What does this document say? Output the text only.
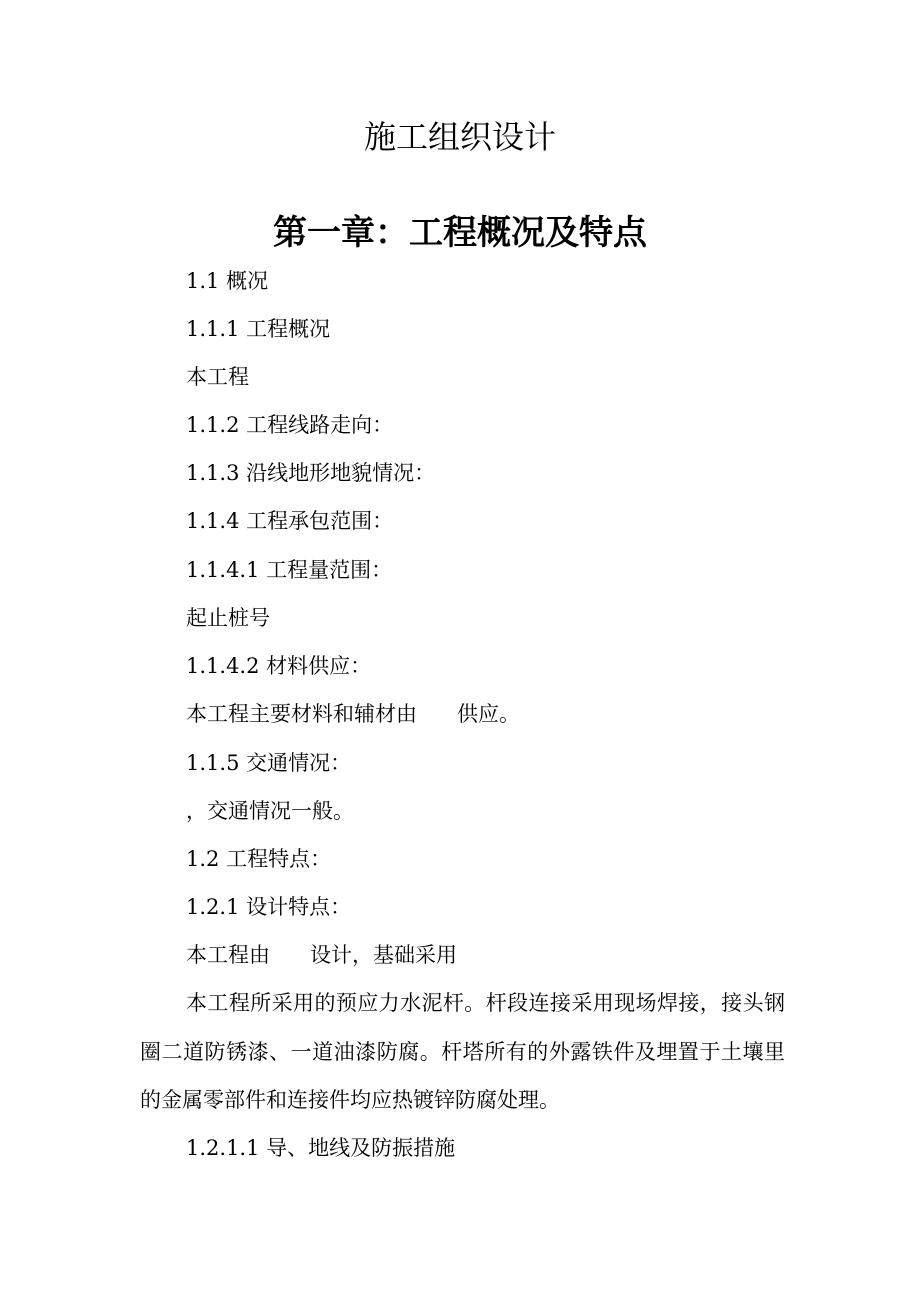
施工组织设计
第一章：工程概况及特点

1.1 概况

1.1.1 工程概况

本工程

1.1.2 工程线路走向：

1.1.3 沿线地形地貌情况：

1.1.4 工程承包范围：

1.1.4.1 工程量范围：

起止桩号

1.1.4.2 材料供应：

本工程主要材料和辅材由      供应。

1.1.5 交通情况：

，交通情况一般。

1.2 工程特点：

1.2.1 设计特点：

本工程由      设计，基础采用

本工程所采用的预应力水泥杆。杆段连接采用现场焊接，接头钢圈二道防锈漆、一道油漆防腐。杆塔所有的外露铁件及埋置于土壤里的金属零部件和连接件均应热镀锌防腐处理。

1.2.1.1 导、地线及防振措施
